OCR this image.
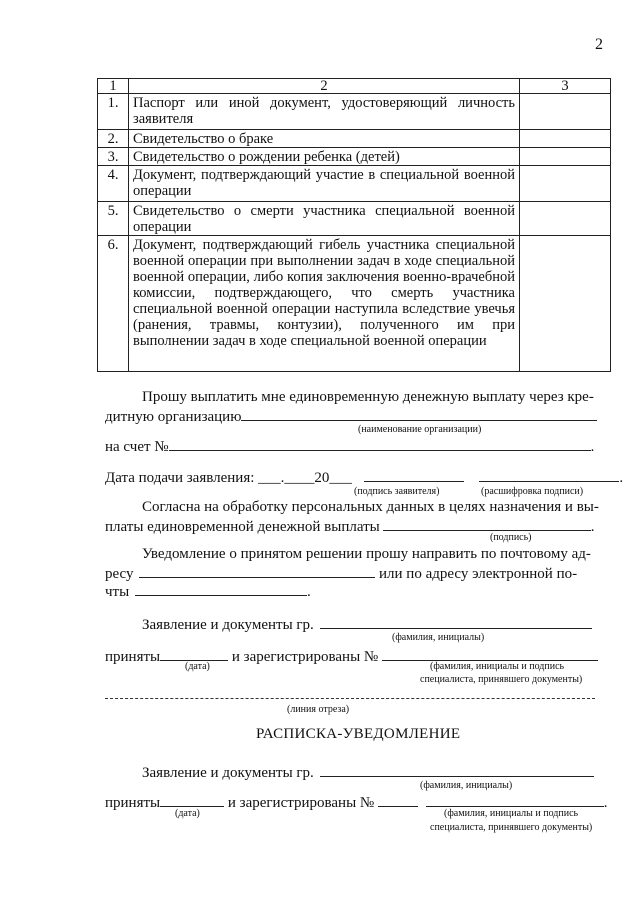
2
1	2	3
1.	Паспорт или иной документ, удостоверяющий личность заявителя	
2.	Свидетельство о браке	
3.	Свидетельство о рождении ребенка (детей)	
4.	Документ, подтверждающий участие в специальной военной операции	
5.	Свидетельство о смерти участника специальной военной операции	
6.	Документ, подтверждающий гибель участника специальной военной операции при выполнении задач в ходе специальной военной операции, либо копия заключения военно-врачебной комиссии, подтверждающего, что смерть участника специальной военной операции наступила вследствие увечья (ранения, травмы, контузии), полученного им при выполнении задач в ходе специальной военной операции	
Прошу выплатить мне единовременную денежную выплату через кре-
дитную организацию
(наименование организации)
на счет №	.
Дата подачи заявления: ___.____20___	.
(подпись заявителя)	(расшифровка подписи)
Согласна на обработку персональных данных в целях назначения и вы-
платы единовременной денежной выплаты	.
(подпись)
Уведомление о принятом решении прошу направить по почтовому ад-
ресу	или по адресу электронной по-
чты	.
Заявление и документы гр.
(фамилия, инициалы)
приняты	и зарегистрированы №
(дата)	(фамилия, инициалы и подпись
специалиста, принявшего документы)
(линия отреза)
РАСПИСКА-УВЕДОМЛЕНИЕ
Заявление и документы гр.
(фамилия, инициалы)
приняты	и зарегистрированы №	.
(дата)	(фамилия, инициалы и подпись
специалиста, принявшего документы)
